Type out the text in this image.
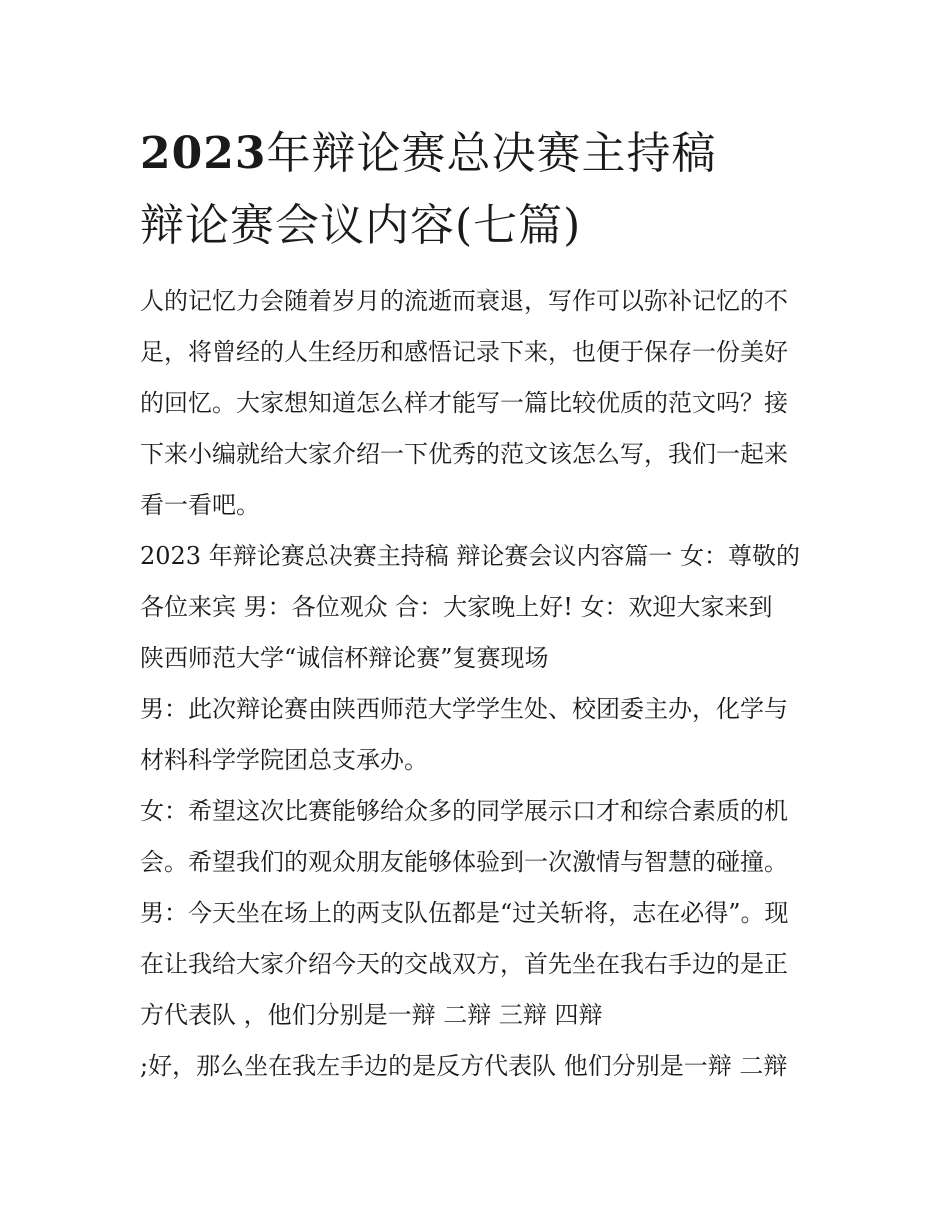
2023年辩论赛总决赛主持稿
辩论赛会议内容(七篇)
人的记忆力会随着岁月的流逝而衰退，写作可以弥补记忆的不
足，将曾经的人生经历和感悟记录下来，也便于保存一份美好
的回忆。大家想知道怎么样才能写一篇比较优质的范文吗？接
下来小编就给大家介绍一下优秀的范文该怎么写，我们一起来
看一看吧。
2023 年辩论赛总决赛主持稿 辩论赛会议内容篇一 女：尊敬的
各位来宾 男：各位观众 合：大家晚上好! 女：欢迎大家来到
陕西师范大学“诚信杯辩论赛”复赛现场
男：此次辩论赛由陕西师范大学学生处、校团委主办，化学与
材料科学学院团总支承办。
女：希望这次比赛能够给众多的同学展示口才和综合素质的机
会。希望我们的观众朋友能够体验到一次激情与智慧的碰撞。
男：今天坐在场上的两支队伍都是“过关斩将，志在必得”。现
在让我给大家介绍今天的交战双方，首先坐在我右手边的是正
方代表队 ，他们分别是一辩 二辩 三辩 四辩
;好，那么坐在我左手边的是反方代表队 他们分别是一辩 二辩
